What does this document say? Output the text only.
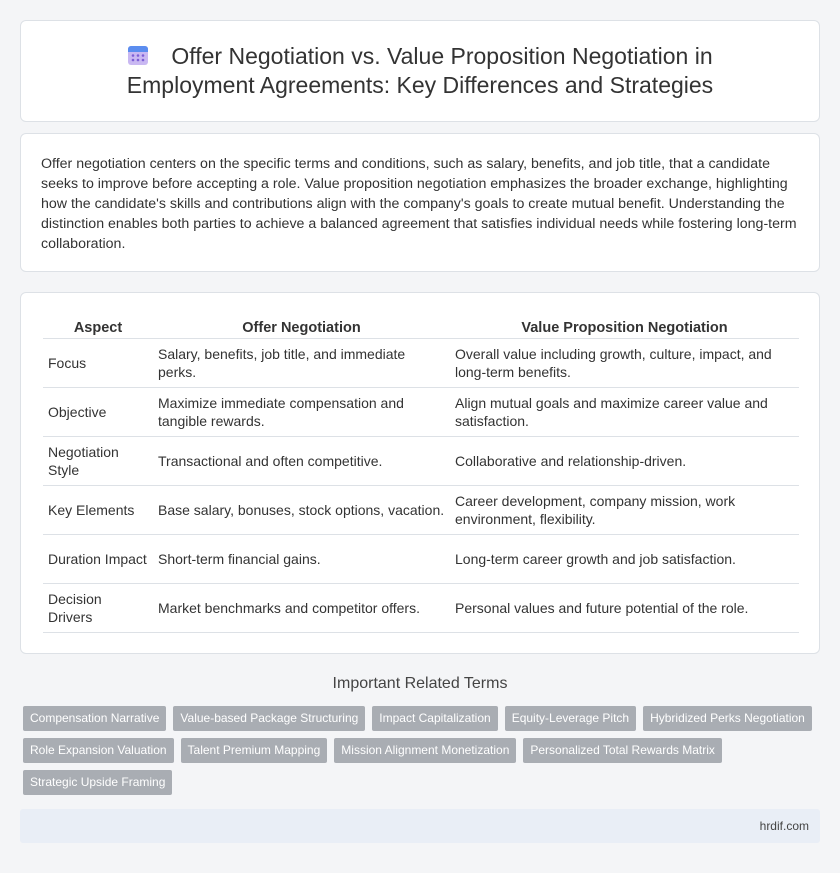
Offer Negotiation vs. Value Proposition Negotiation in Employment Agreements: Key Differences and Strategies

Offer negotiation centers on the specific terms and conditions, such as salary, benefits, and job title, that a candidate seeks to improve before accepting a role. Value proposition negotiation emphasizes the broader exchange, highlighting how the candidate's skills and contributions align with the company's goals to create mutual benefit. Understanding the distinction enables both parties to achieve a balanced agreement that satisfies individual needs while fostering long-term collaboration.

Aspect	Offer Negotiation	Value Proposition Negotiation
Focus	Salary, benefits, job title, and immediate perks.	Overall value including growth, culture, impact, and long-term benefits.
Objective	Maximize immediate compensation and tangible rewards.	Align mutual goals and maximize career value and satisfaction.
Negotiation Style	Transactional and often competitive.	Collaborative and relationship-driven.
Key Elements	Base salary, bonuses, stock options, vacation.	Career development, company mission, work environment, flexibility.
Duration Impact	Short-term financial gains.	Long-term career growth and job satisfaction.
Decision Drivers	Market benchmarks and competitor offers.	Personal values and future potential of the role.
Important Related Terms
Compensation Narrative	Value-based Package Structuring	Impact Capitalization	Equity-Leverage Pitch	Hybridized Perks Negotiation
Role Expansion Valuation	Talent Premium Mapping	Mission Alignment Monetization	Personalized Total Rewards Matrix
Strategic Upside Framing
hrdif.com
